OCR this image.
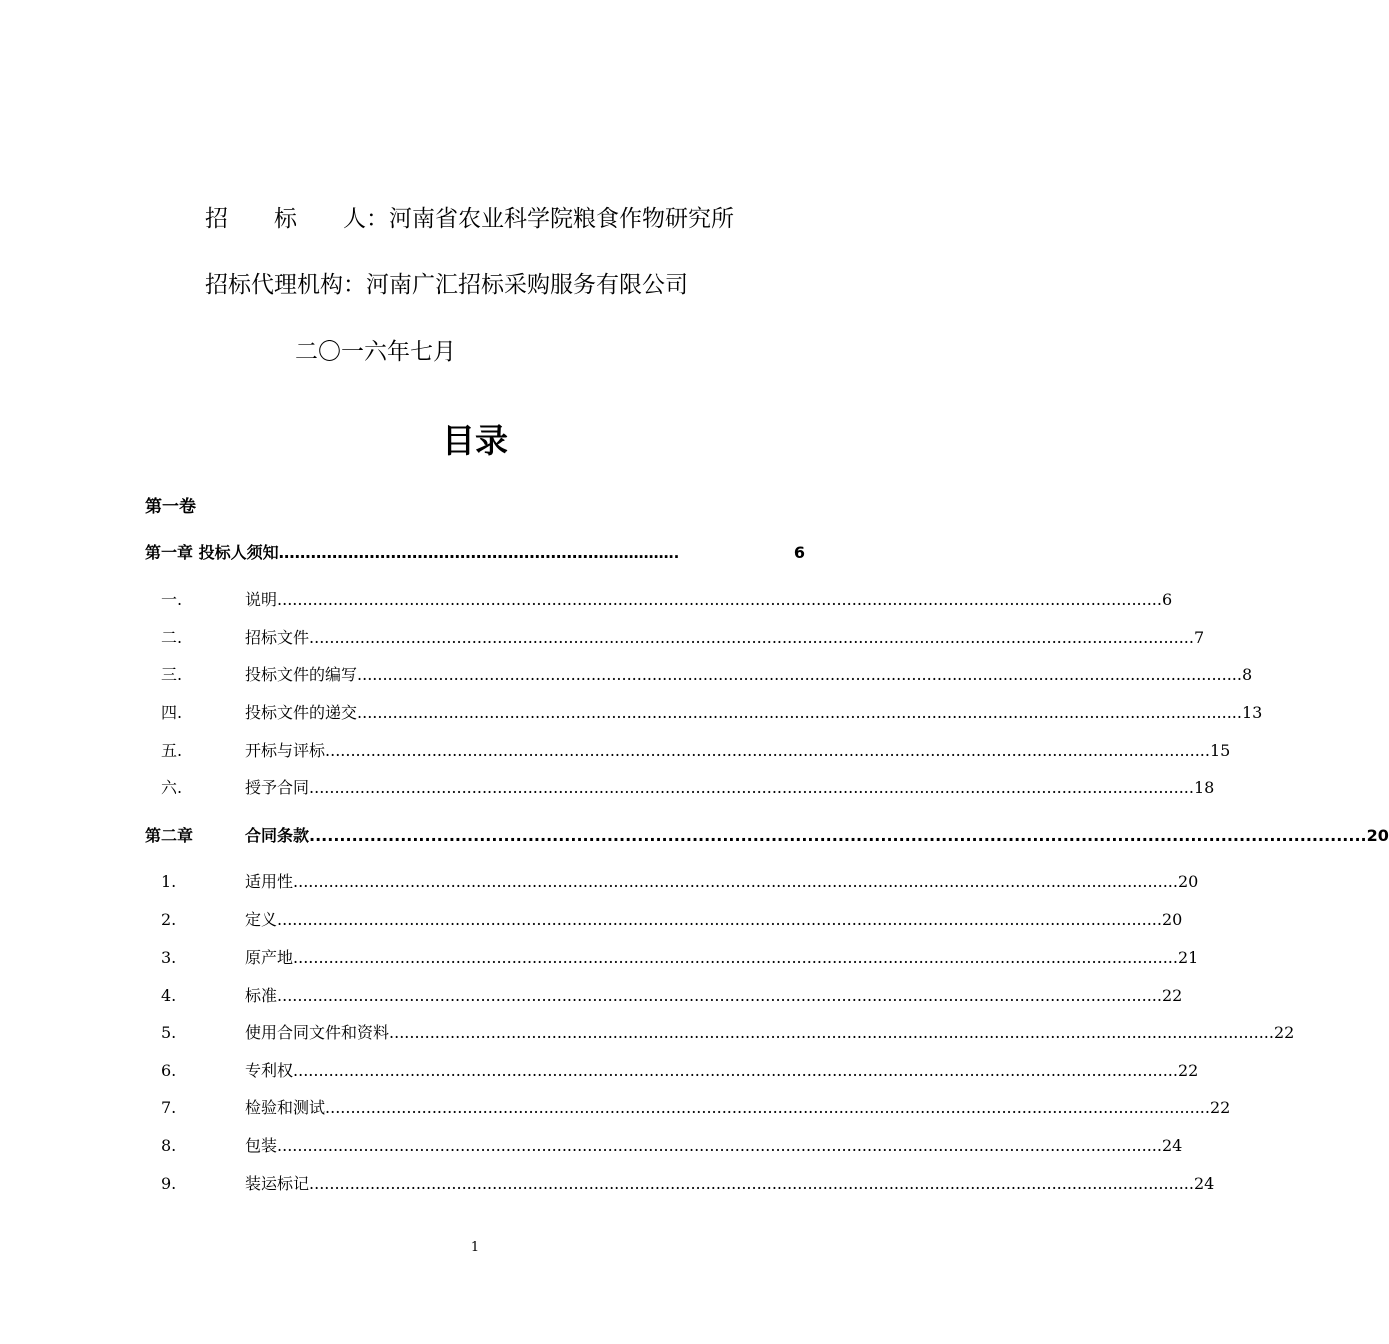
招　　标　　人：河南省农业科学院粮食作物研究所
招标代理机构：河南广汇招标采购服务有限公司
二〇一六年七月
目录
第一卷
第一章 投标人须知 …………………………………………………… …………….	6
一.	说明 .............................................................................................................................................................................. 6
二.	招标文件 .............................................................................................................................................................................. 7
三.	投标文件的编写 .............................................................................................................................................................................. 8
四.	投标文件的递交 .............................................................................................................................................................................. 13
五.	开标与评标 .............................................................................................................................................................................. 15
六.	授予合同 .............................................................................................................................................................................. 18
第二章	合同条款 .............................................................................................................................................................................. 20
1.	适用性 .............................................................................................................................................................................. 20
2.	定义 .............................................................................................................................................................................. 20
3.	原产地 .............................................................................................................................................................................. 21
4.	标准 .............................................................................................................................................................................. 22
5.	使用合同文件和资料 .............................................................................................................................................................................. 22
6.	专利权 .............................................................................................................................................................................. 22
7.	检验和测试 .............................................................................................................................................................................. 22
8.	包装 .............................................................................................................................................................................. 24
9.	装运标记 .............................................................................................................................................................................. 24
1
